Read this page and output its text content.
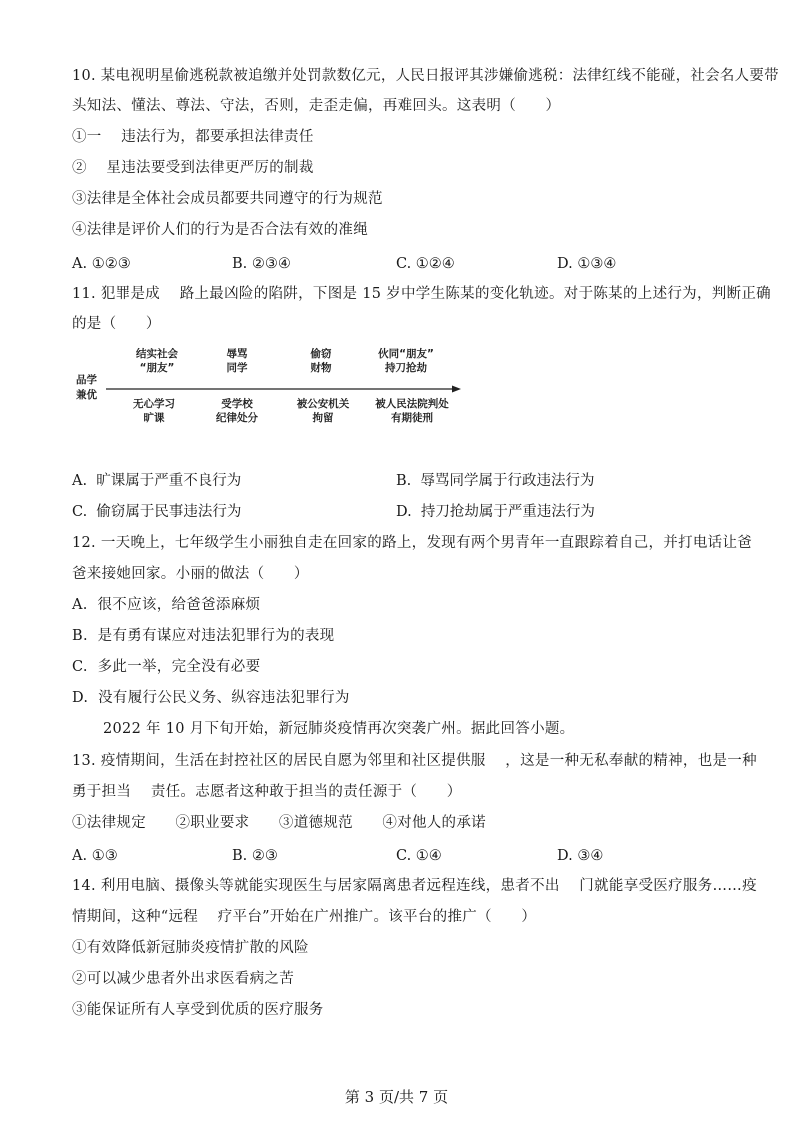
10. 某电视明星偷逃税款被追缴并处罚款数亿元，人民日报评其涉嫌偷逃税：法律红线不能碰，社会名人要带
头知法、懂法、尊法、守法，否则，走歪走偏，再难回头。这表明（      ）
①一    违法行为，都要承担法律责任
②    星违法要受到法律更严厉的制裁
③法律是全体社会成员都要共同遵守的行为规范
④法律是评价人们的行为是否合法有效的准绳
A. ①②③	B. ②③④	C. ①②④	D. ①③④
11. 犯罪是成    路上最凶险的陷阱，下图是 15 岁中学生陈某的变化轨迹。对于陈某的上述行为，判断正确
的是（      ）
品学
兼优
结实社会
“朋友”
辱骂
同学
偷窃
财物
伙同“朋友”
持刀抢劫
无心学习
旷课
受学校
纪律处分
被公安机关
拘留
被人民法院判处
有期徒刑
A.  旷课属于严重不良行为	B.  辱骂同学属于行政违法行为
C.  偷窃属于民事违法行为	D.  持刀抢劫属于严重违法行为
12. 一天晚上，七年级学生小丽独自走在回家的路上，发现有两个男青年一直跟踪着自己，并打电话让爸
爸来接她回家。小丽的做法（      ）
A.  很不应该，给爸爸添麻烦
B.  是有勇有谋应对违法犯罪行为的表现
C.  多此一举，完全没有必要
D.  没有履行公民义务、纵容违法犯罪行为
2022 年 10 月下旬开始，新冠肺炎疫情再次突袭广州。据此回答小题。
13. 疫情期间，生活在封控社区的居民自愿为邻里和社区提供服    ，这是一种无私奉献的精神，也是一种
勇于担当    责任。志愿者这种敢于担当的责任源于（      ）
①法律规定      ②职业要求      ③道德规范      ④对他人的承诺
A. ①③	B. ②③	C. ①④	D. ③④
14. 利用电脑、摄像头等就能实现医生与居家隔离患者远程连线，患者不出    门就能享受医疗服务……疫
情期间，这种“远程    疗平台”开始在广州推广。该平台的推广（      ）
①有效降低新冠肺炎疫情扩散的风险
②可以减少患者外出求医看病之苦
③能保证所有人享受到优质的医疗服务
第 3 页/共 7 页
